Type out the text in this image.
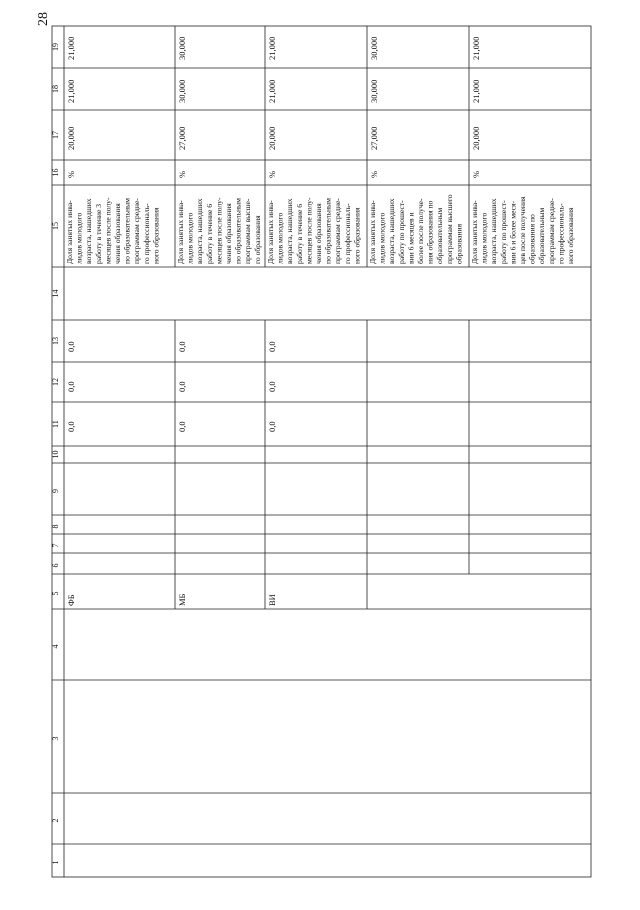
28
19
18
17
16
15
14
13
12
11
10
9
8
7
6
5
4
3
2
1
21,000
21,000
20,000
%
Доля занятых инва- лидов молодого возраста, нашедших работу в течение 3 месяцев после полу- чения образования по образовательным программам средне- го профессиональ- ного образования
0,0
0,0
0,0
ФБ
30,000
30,000
27,000
%
Доля занятых инва- лидов молодого возраста, нашедших работу в течение 6 месяцев после полу- чения образования по образовательным программам высше- го образования
0,0
0,0
0,0
МБ
21,000
21,000
20,000
%
Доля занятых инва- лидов молодого возраста, нашедших работу в течение 6 месяцев после полу- чения образования по образовательным программам средне- го профессиональ- ного образования
0,0
0,0
0,0
ВИ
30,000
30,000
27,000
%
Доля занятых инва- лидов молодого возраста, нашедших работу по прошест- вии 6 месяцев и более после получе- ния образования по образовательным программам высшего образования
21,000
21,000
20,000
%
Доля занятых инва- лидов молодого возраста, нашедших работу по прошест- вии 6 и более меся- цев после получения образования по образовательным программам средне- го профессиональ- ного образования
